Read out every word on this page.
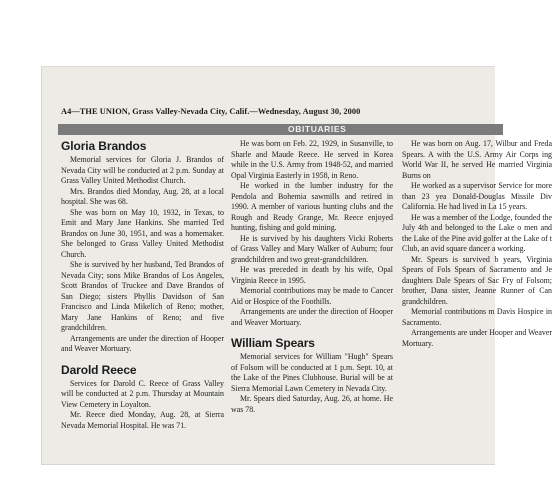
A4—THE UNION, Grass Valley-Nevada City, Calif.—Wednesday, August 30, 2000
OBITUARIES
Gloria Brandos

Memorial services for Gloria J. Brandos of Nevada City will be conducted at 2 p.m. Sunday at Grass Valley United Methodist Church.

Mrs. Brandos died Monday, Aug. 28, at a local hospital. She was 68.

She was born on May 10, 1932, in Texas, to Emit and Mary Jane Hankins. She married Ted Brandos on June 30, 1951, and was a homemaker. She belonged to Grass Valley United Methodist Church.

She is survived by her husband, Ted Brandos of Nevada City; sons Mike Brandos of Los Angeles, Scott Brandos of Truckee and Dave Brandos of San Diego; sisters Phyllis Davidson of San Francisco and Linda Mikelich of Reno; mother, Mary Jane Hankins of Reno; and five grandchildren.

Arrangements are under the direction of Hooper and Weaver Mortuary.

Darold Reece

Services for Darold C. Reece of Grass Valley will be conducted at 2 p.m. Thursday at Mountain View Cemetery in Loyalton.

Mr. Reece died Monday, Aug. 28, at Sierra Nevada Memorial Hospital. He was 71.

He was born on Feb. 22, 1929, in Susanville, to Sharle and Maude Reece. He served in Korea while in the U.S. Army from 1948-52, and married Opal Virginia Easterly in 1958, in Reno.

He worked in the lumber industry for the Pendola and Bohemia sawmills and retired in 1990. A member of various hunting clubs and the Rough and Ready Grange, Mr. Reece enjoyed hunting, fishing and gold mining.

He is survived by his daughters Vicki Roberts of Grass Valley and Mary Walker of Auburn; four grandchildren and two great-grandchildren.

He was preceded in death by his wife, Opal Virginia Reece in 1995.

Memorial contributions may be made to Cancer Aid or Hospice of the Foothills.

Arrangements are under the direction of Hooper and Weaver Mortuary.

William Spears

Memorial services for William "Hugh" Spears of Folsom will be conducted at 1 p.m. Sept. 10, at the Lake of the Pines Clubhouse. Burial will be at Sierra Memorial Lawn Cemetery in Nevada City.

Mr. Spears died Saturday, Aug. 26, at home. He was 78.

He was born on Aug. 17, Wilbur and Freda Spears. A with the U.S. Army Air Corps ing World War II, he served He married Virginia Burns on

He worked as a supervisor Service for more than 23 yea Donald-Douglas Missile Div California. He had lived in La 15 years.

He was a member of the Lodge, founded the July 4th and belonged to the Lake o men and the Lake of the Pine avid golfer at the Lake of t Club, an avid square dancer a working.

Mr. Spears is survived b years, Virginia Spears of Fols Spears of Sacramento and Je daughters Dale Spears of Sac Fry of Folsom; brother, Dana sister, Jeanne Runner of Can grandchildren.

Memorial contributions m Davis Hospice in Sacramento.

Arrangements are under Hooper and Weaver Mortuary.
